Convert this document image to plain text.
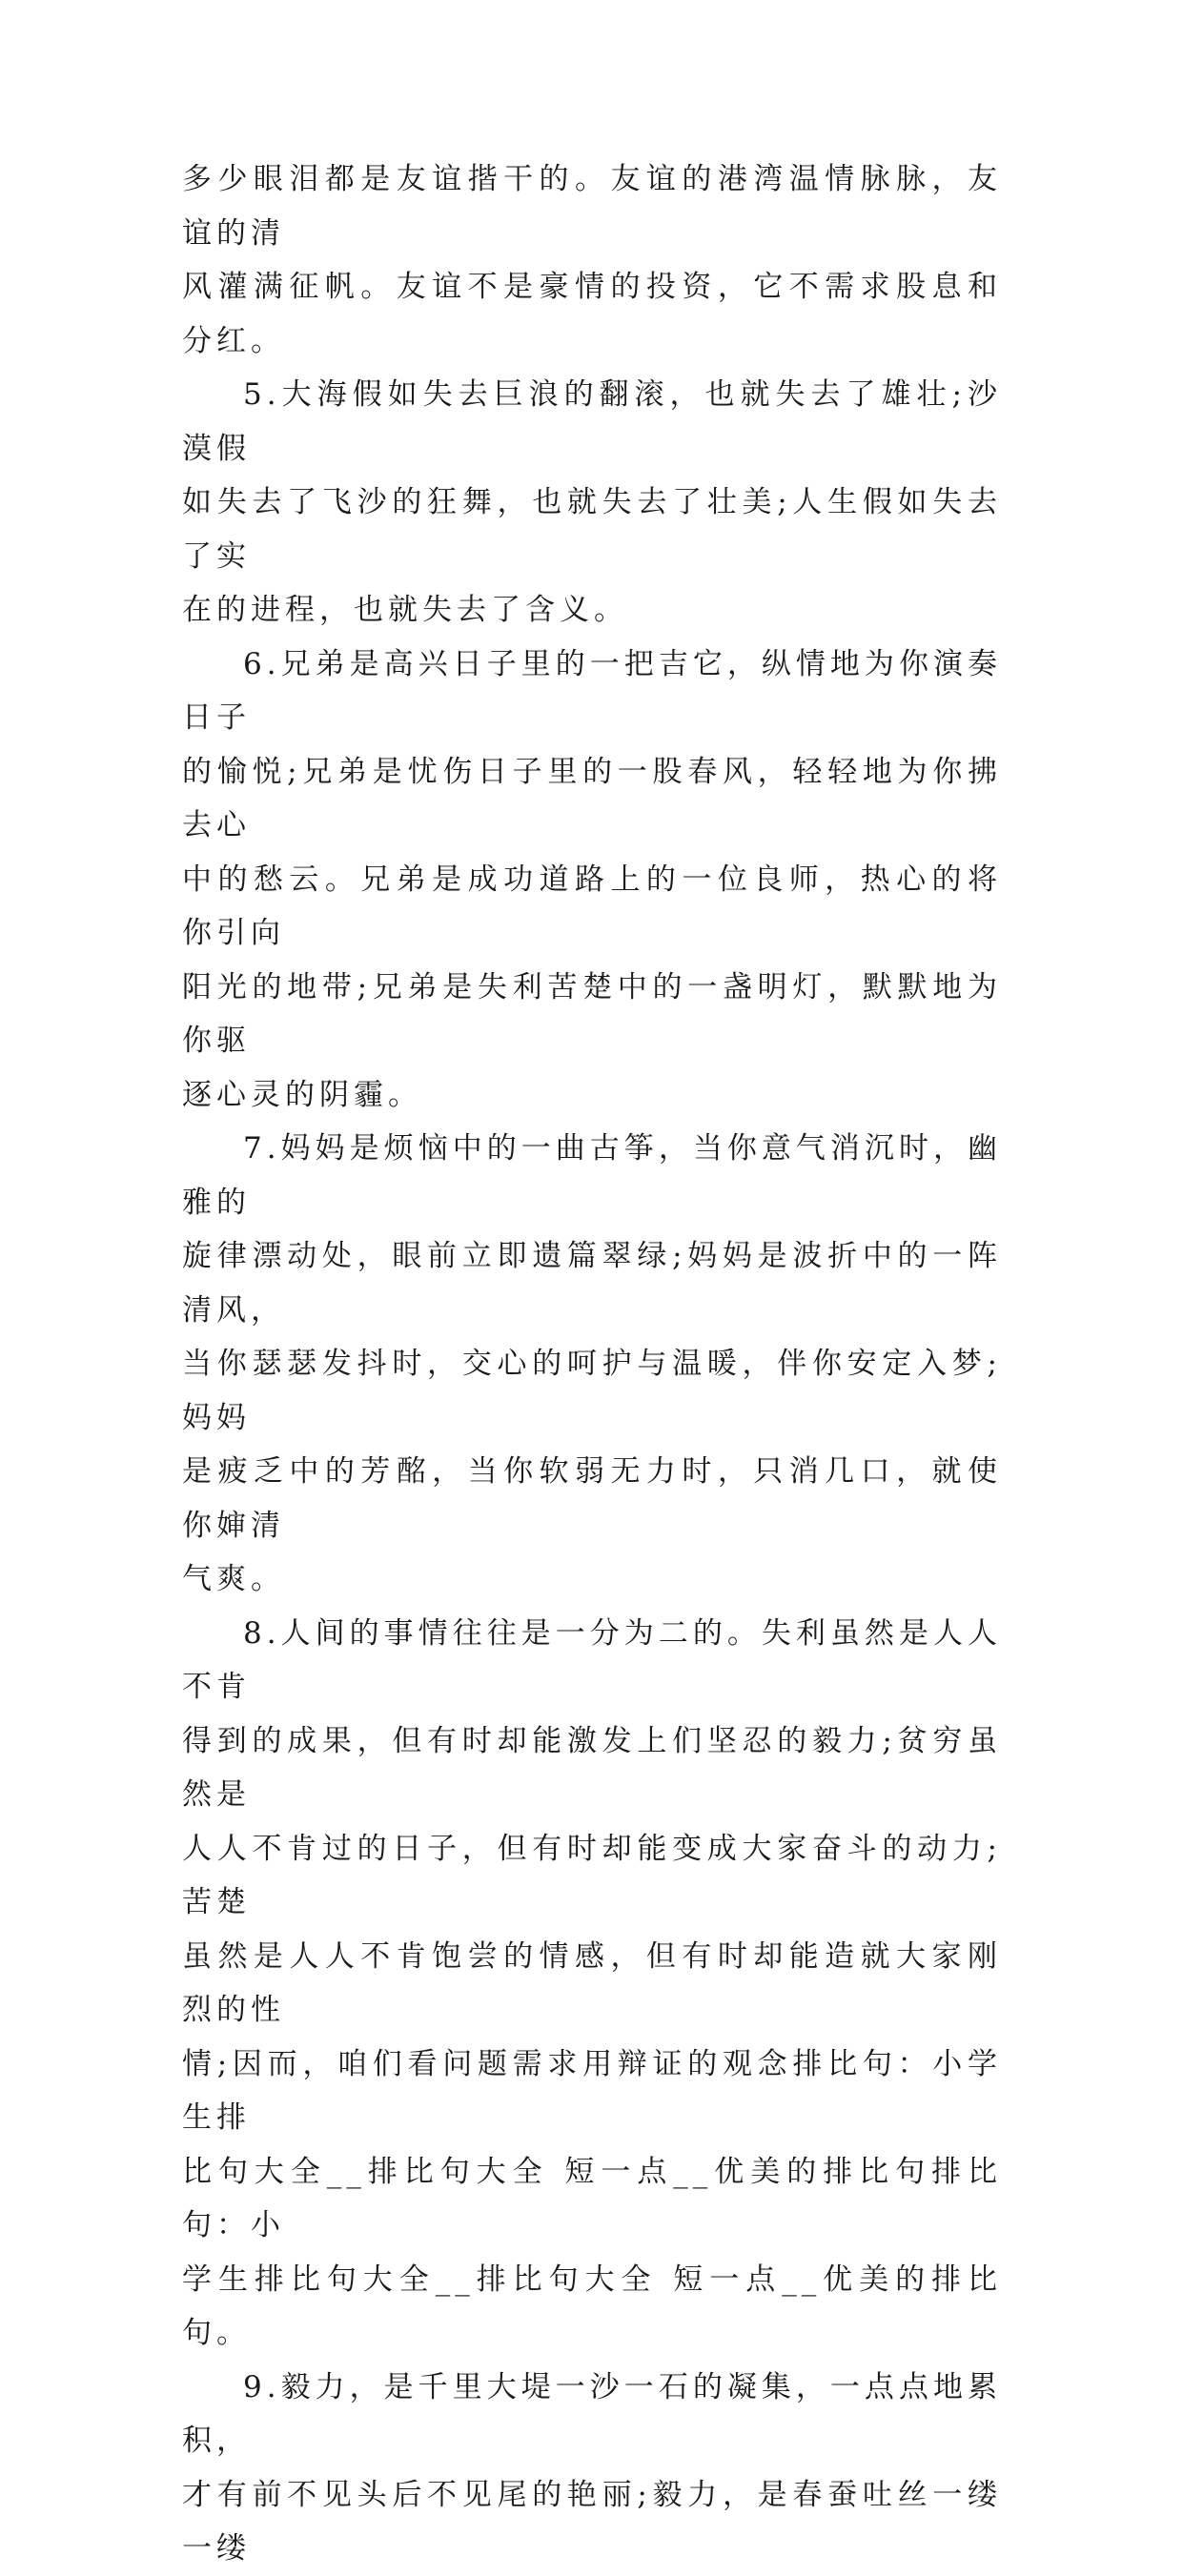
多少眼泪都是友谊揩干的。友谊的港湾温情脉脉，友谊的清
风灌满征帆。友谊不是豪情的投资，它不需求股息和分红。

5.大海假如失去巨浪的翻滚，也就失去了雄壮;沙漠假
如失去了飞沙的狂舞，也就失去了壮美;人生假如失去了实
在的进程，也就失去了含义。

6.兄弟是高兴日子里的一把吉它，纵情地为你演奏日子
的愉悦;兄弟是忧伤日子里的一股春风，轻轻地为你拂去心
中的愁云。兄弟是成功道路上的一位良师，热心的将你引向
阳光的地带;兄弟是失利苦楚中的一盏明灯，默默地为你驱
逐心灵的阴霾。

7.妈妈是烦恼中的一曲古筝，当你意气消沉时，幽雅的
旋律漂动处，眼前立即遗篇翠绿;妈妈是波折中的一阵清风，
当你瑟瑟发抖时，交心的呵护与温暖，伴你安定入梦;妈妈
是疲乏中的芳酩，当你软弱无力时，只消几口，就使你婶清
气爽。

8.人间的事情往往是一分为二的。失利虽然是人人不肯
得到的成果，但有时却能激发上们坚忍的毅力;贫穷虽然是
人人不肯过的日子，但有时却能变成大家奋斗的动力;苦楚
虽然是人人不肯饱尝的情感，但有时却能造就大家刚烈的性
情;因而，咱们看问题需求用辩证的观念排比句：小学生排
比句大全__排比句大全 短一点__优美的排比句排比句：小
学生排比句大全__排比句大全 短一点__优美的排比句。

9.毅力，是千里大堤一沙一石的凝集，一点点地累积，
才有前不见头后不见尾的艳丽;毅力，是春蚕吐丝一缕一缕
